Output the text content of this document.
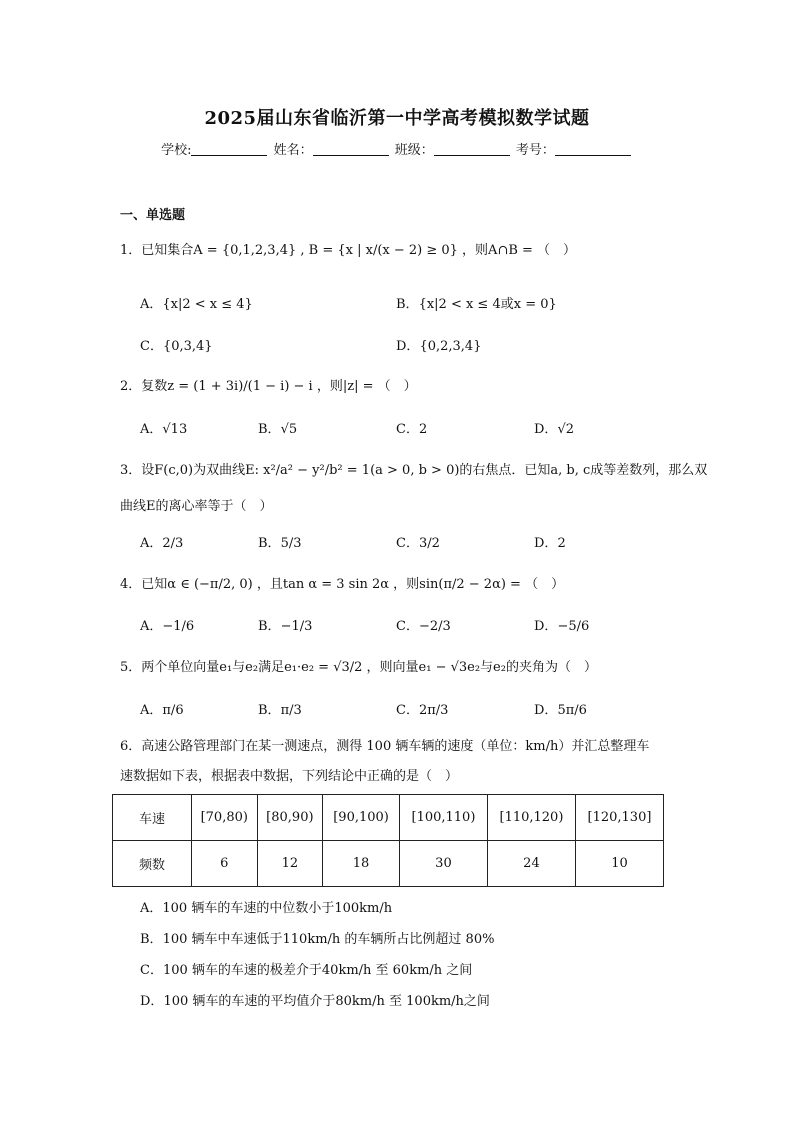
2025届山东省临沂第一中学高考模拟数学试题
学校:	姓名：	班级：	考号：
一、单选题
1．已知集合A = {0,1,2,3,4} , B = {x | x/(x − 2) ≥ 0} ，则A∩B = （　）
A．{x|2 < x ≤ 4}	B．{x|2 < x ≤ 4或x = 0}
C．{0,3,4}	D．{0,2,3,4}
2．复数z = (1 + 3i)/(1 − i) − i ，则|z| = （　）
A．√13	B．√5	C．2	D．√2
3．设F(c,0)为双曲线E: x²/a² − y²/b² = 1(a > 0, b > 0)的右焦点．已知a, b, c成等差数列，那么双
曲线E的离心率等于（　）
A．2/3	B．5/3	C．3/2	D．2
4．已知α ∈ (−π/2, 0) ，且tan α = 3 sin 2α ，则sin(π/2 − 2α) = （　）
A．−1/6	B．−1/3	C．−2/3	D．−5/6
5．两个单位向量e₁与e₂满足e₁·e₂ = √3/2 ，则向量e₁ − √3e₂与e₂的夹角为（　）
A．π/6	B．π/3	C．2π/3	D．5π/6
6．高速公路管理部门在某一测速点，测得 100 辆车辆的速度（单位：km/h）并汇总整理车
速数据如下表，根据表中数据，下列结论中正确的是（　）
车速	[70,80)	[80,90)	[90,100)	[100,110)	[110,120)	[120,130]
频数	6	12	18	30	24	10
A．100 辆车的车速的中位数小于100km/h
B．100 辆车中车速低于110km/h 的车辆所占比例超过 80%
C．100 辆车的车速的极差介于40km/h 至 60km/h 之间
D．100 辆车的车速的平均值介于80km/h 至 100km/h之间
